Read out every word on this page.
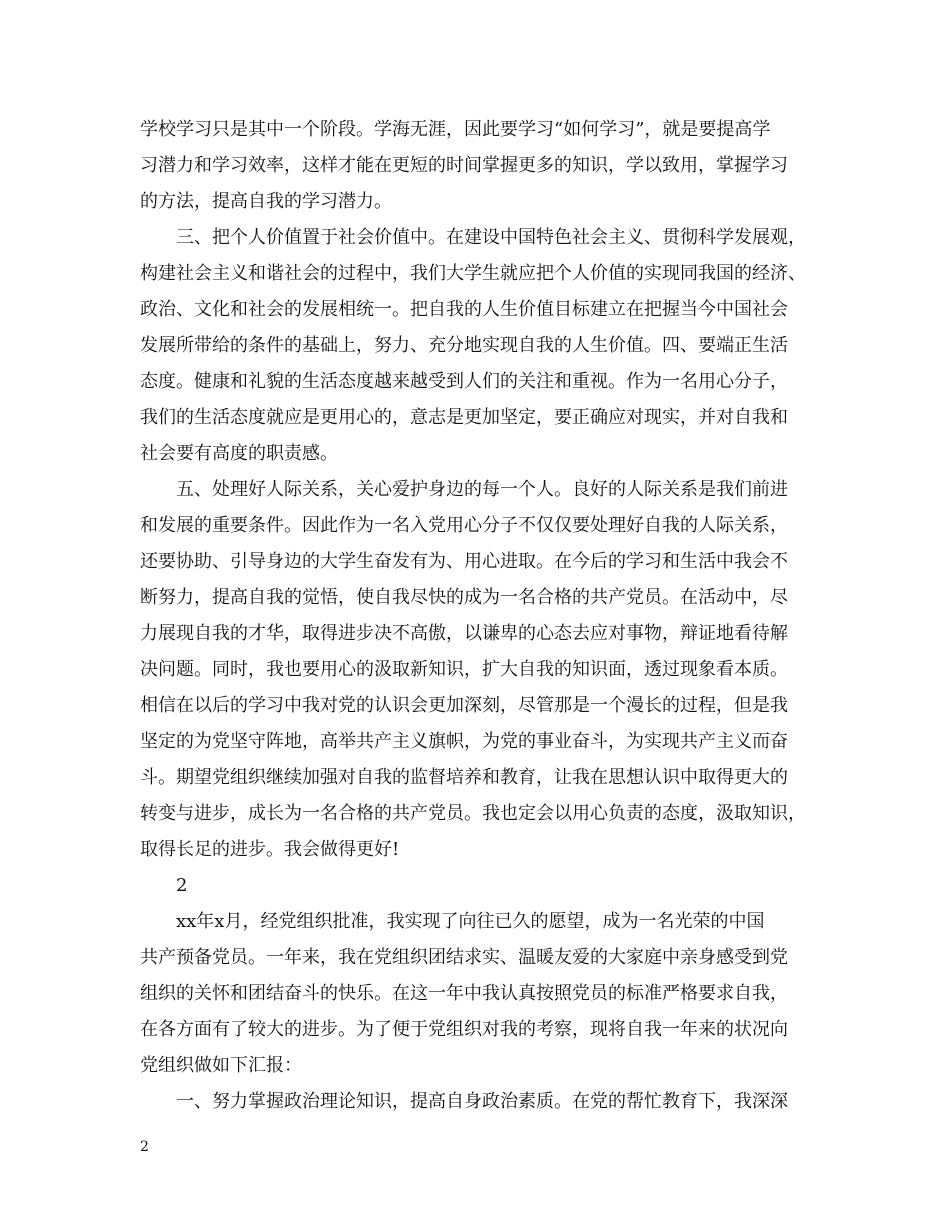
学校学习只是其中一个阶段。学海无涯，因此要学习“如何学习”，就是要提高学
习潜力和学习效率，这样才能在更短的时间掌握更多的知识，学以致用，掌握学习
的方法，提高自我的学习潜力。
三、把个人价值置于社会价值中。在建设中国特色社会主义、贯彻科学发展观，
构建社会主义和谐社会的过程中，我们大学生就应把个人价值的实现同我国的经济、
政治、文化和社会的发展相统一。把自我的人生价值目标建立在把握当今中国社会
发展所带给的条件的基础上，努力、充分地实现自我的人生价值。四、要端正生活
态度。健康和礼貌的生活态度越来越受到人们的关注和重视。作为一名用心分子，
我们的生活态度就应是更用心的，意志是更加坚定，要正确应对现实，并对自我和
社会要有高度的职责感。
五、处理好人际关系，关心爱护身边的每一个人。良好的人际关系是我们前进
和发展的重要条件。因此作为一名入党用心分子不仅仅要处理好自我的人际关系，
还要协助、引导身边的大学生奋发有为、用心进取。在今后的学习和生活中我会不
断努力，提高自我的觉悟，使自我尽快的成为一名合格的共产党员。在活动中，尽
力展现自我的才华，取得进步决不高傲，以谦卑的心态去应对事物，辩证地看待解
决问题。同时，我也要用心的汲取新知识，扩大自我的知识面，透过现象看本质。
相信在以后的学习中我对党的认识会更加深刻，尽管那是一个漫长的过程，但是我
坚定的为党坚守阵地，高举共产主义旗帜，为党的事业奋斗，为实现共产主义而奋
斗。期望党组织继续加强对自我的监督培养和教育，让我在思想认识中取得更大的
转变与进步，成长为一名合格的共产党员。我也定会以用心负责的态度，汲取知识，
取得长足的进步。我会做得更好!
2
xx年x月，经党组织批准，我实现了向往已久的愿望，成为一名光荣的中国
共产预备党员。一年来，我在党组织团结求实、温暖友爱的大家庭中亲身感受到党
组织的关怀和团结奋斗的快乐。在这一年中我认真按照党员的标准严格要求自我，
在各方面有了较大的进步。为了便于党组织对我的考察，现将自我一年来的状况向
党组织做如下汇报：
一、努力掌握政治理论知识，提高自身政治素质。在党的帮忙教育下，我深深
2
